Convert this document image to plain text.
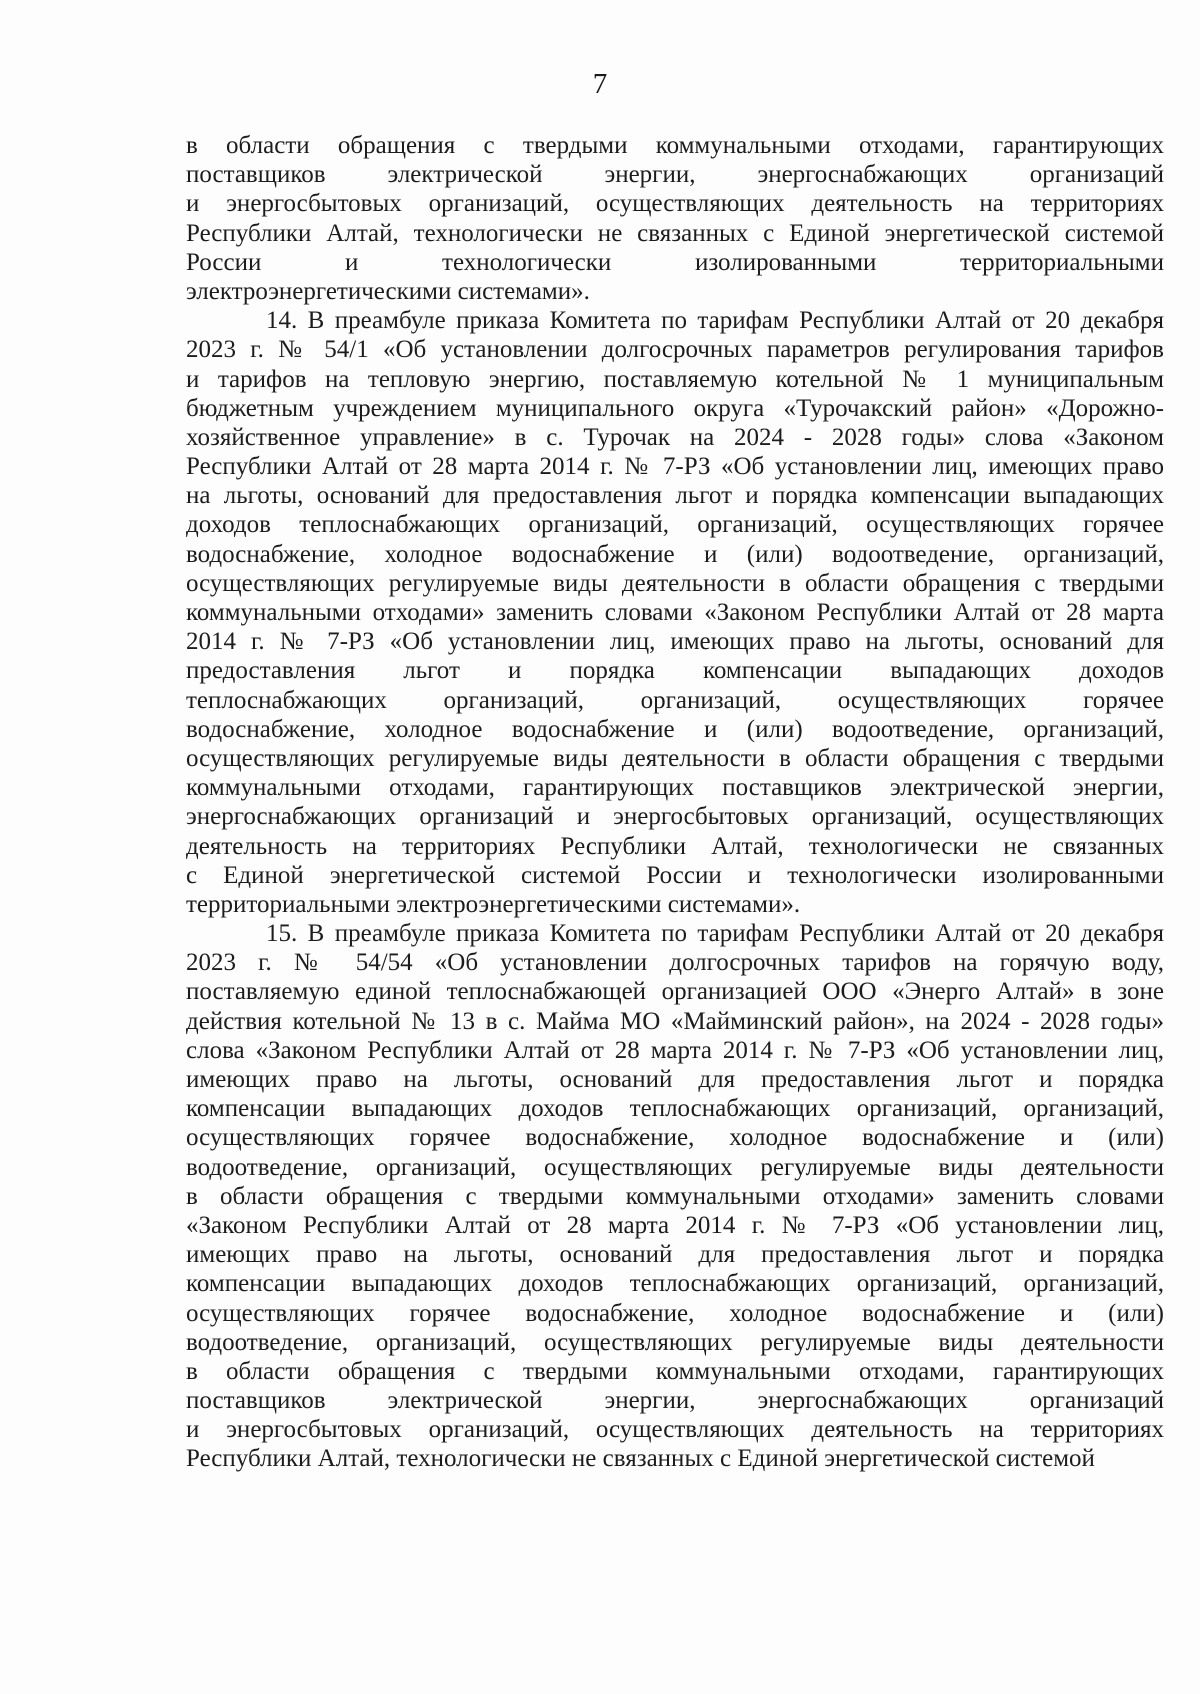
7
в области обращения с твердыми коммунальными отходами, гарантирующих
поставщиков электрической энергии, энергоснабжающих организаций
и энергосбытовых организаций, осуществляющих деятельность на территориях
Республики Алтай, технологически не связанных с Единой энергетической системой
России и технологически изолированными территориальными
электроэнергетическими системами».
14. В преамбуле приказа Комитета по тарифам Республики Алтай от 20 декабря
2023 г. № 54/1 «Об установлении долгосрочных параметров регулирования тарифов
и тарифов на тепловую энергию, поставляемую котельной № 1 муниципальным
бюджетным учреждением муниципального округа «Турочакский район» «Дорожно-
хозяйственное управление» в с. Турочак на 2024 - 2028 годы» слова «Законом
Республики Алтай от 28 марта 2014 г. № 7-РЗ «Об установлении лиц, имеющих право
на льготы, оснований для предоставления льгот и порядка компенсации выпадающих
доходов теплоснабжающих организаций, организаций, осуществляющих горячее
водоснабжение, холодное водоснабжение и (или) водоотведение, организаций,
осуществляющих регулируемые виды деятельности в области обращения с твердыми
коммунальными отходами» заменить словами «Законом Республики Алтай от 28 марта
2014 г. № 7-РЗ «Об установлении лиц, имеющих право на льготы, оснований для
предоставления льгот и порядка компенсации выпадающих доходов
теплоснабжающих организаций, организаций, осуществляющих горячее
водоснабжение, холодное водоснабжение и (или) водоотведение, организаций,
осуществляющих регулируемые виды деятельности в области обращения с твердыми
коммунальными отходами, гарантирующих поставщиков электрической энергии,
энергоснабжающих организаций и энергосбытовых организаций, осуществляющих
деятельность на территориях Республики Алтай, технологически не связанных
с Единой энергетической системой России и технологически изолированными
территориальными электроэнергетическими системами».
15. В преамбуле приказа Комитета по тарифам Республики Алтай от 20 декабря
2023 г. № 54/54 «Об установлении долгосрочных тарифов на горячую воду,
поставляемую единой теплоснабжающей организацией ООО «Энерго Алтай» в зоне
действия котельной № 13 в с. Майма МО «Майминский район», на 2024 - 2028 годы»
слова «Законом Республики Алтай от 28 марта 2014 г. № 7-РЗ «Об установлении лиц,
имеющих право на льготы, оснований для предоставления льгот и порядка
компенсации выпадающих доходов теплоснабжающих организаций, организаций,
осуществляющих горячее водоснабжение, холодное водоснабжение и (или)
водоотведение, организаций, осуществляющих регулируемые виды деятельности
в области обращения с твердыми коммунальными отходами» заменить словами
«Законом Республики Алтай от 28 марта 2014 г. № 7-РЗ «Об установлении лиц,
имеющих право на льготы, оснований для предоставления льгот и порядка
компенсации выпадающих доходов теплоснабжающих организаций, организаций,
осуществляющих горячее водоснабжение, холодное водоснабжение и (или)
водоотведение, организаций, осуществляющих регулируемые виды деятельности
в области обращения с твердыми коммунальными отходами, гарантирующих
поставщиков электрической энергии, энергоснабжающих организаций
и энергосбытовых организаций, осуществляющих деятельность на территориях
Республики Алтай, технологически не связанных с Единой энергетической системой
